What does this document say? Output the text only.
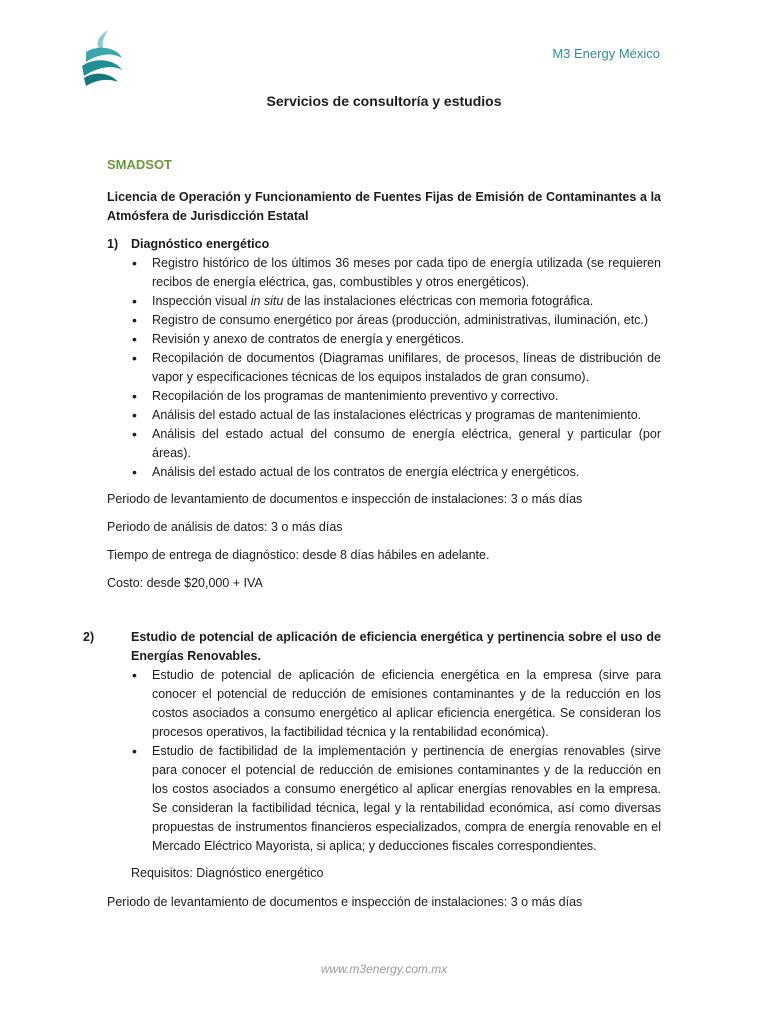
M3 Energy México
Servicios de consultoría y estudios
SMADSOT
Licencia de Operación y Funcionamiento de Fuentes Fijas de Emisión de Contaminantes a la Atmósfera de Jurisdicción Estatal
1) Diagnóstico energético
• Registro histórico de los últimos 36 meses por cada tipo de energía utilizada (se requieren recibos de energía eléctrica, gas, combustibles y otros energéticos).
• Inspección visual in situ de las instalaciones eléctricas con memoria fotográfica.
• Registro de consumo energético por áreas (producción, administrativas, iluminación, etc.)
• Revisión y anexo de contratos de energía y energéticos.
• Recopilación de documentos (Diagramas unifilares, de procesos, líneas de distribución de vapor y especificaciones técnicas de los equipos instalados de gran consumo).
• Recopilación de los programas de mantenimiento preventivo y correctivo.
• Análisis del estado actual de las instalaciones eléctricas y programas de mantenimiento.
• Análisis del estado actual del consumo de energía eléctrica, general y particular (por áreas).
• Análisis del estado actual de los contratos de energía eléctrica y energéticos.
Periodo de levantamiento de documentos e inspección de instalaciones: 3 o más días
Periodo de análisis de datos: 3 o más días
Tiempo de entrega de diagnóstico: desde 8 días hábiles en adelante.
Costo: desde $20,000 + IVA
2)	Estudio de potencial de aplicación de eficiencia energética y pertinencia sobre el uso de Energías Renovables.
• Estudio de potencial de aplicación de eficiencia energética en la empresa (sirve para conocer el potencial de reducción de emisiones contaminantes y de la reducción en los costos asociados a consumo energético al aplicar eficiencia energética. Se consideran los procesos operativos, la factibilidad técnica y la rentabilidad económica).
• Estudio de factibilidad de la implementación y pertinencia de energías renovables (sirve para conocer el potencial de reducción de emisiones contaminantes y de la reducción en los costos asociados a consumo energético al aplicar energías renovables en la empresa. Se consideran la factibilidad técnica, legal y la rentabilidad económica, así como diversas propuestas de instrumentos financieros especializados, compra de energía renovable en el Mercado Eléctrico Mayorista, si aplica; y deducciones fiscales correspondientes.
Requisitos: Diagnóstico energético
Periodo de levantamiento de documentos e inspección de instalaciones: 3 o más días
www.m3energy.com.mx
